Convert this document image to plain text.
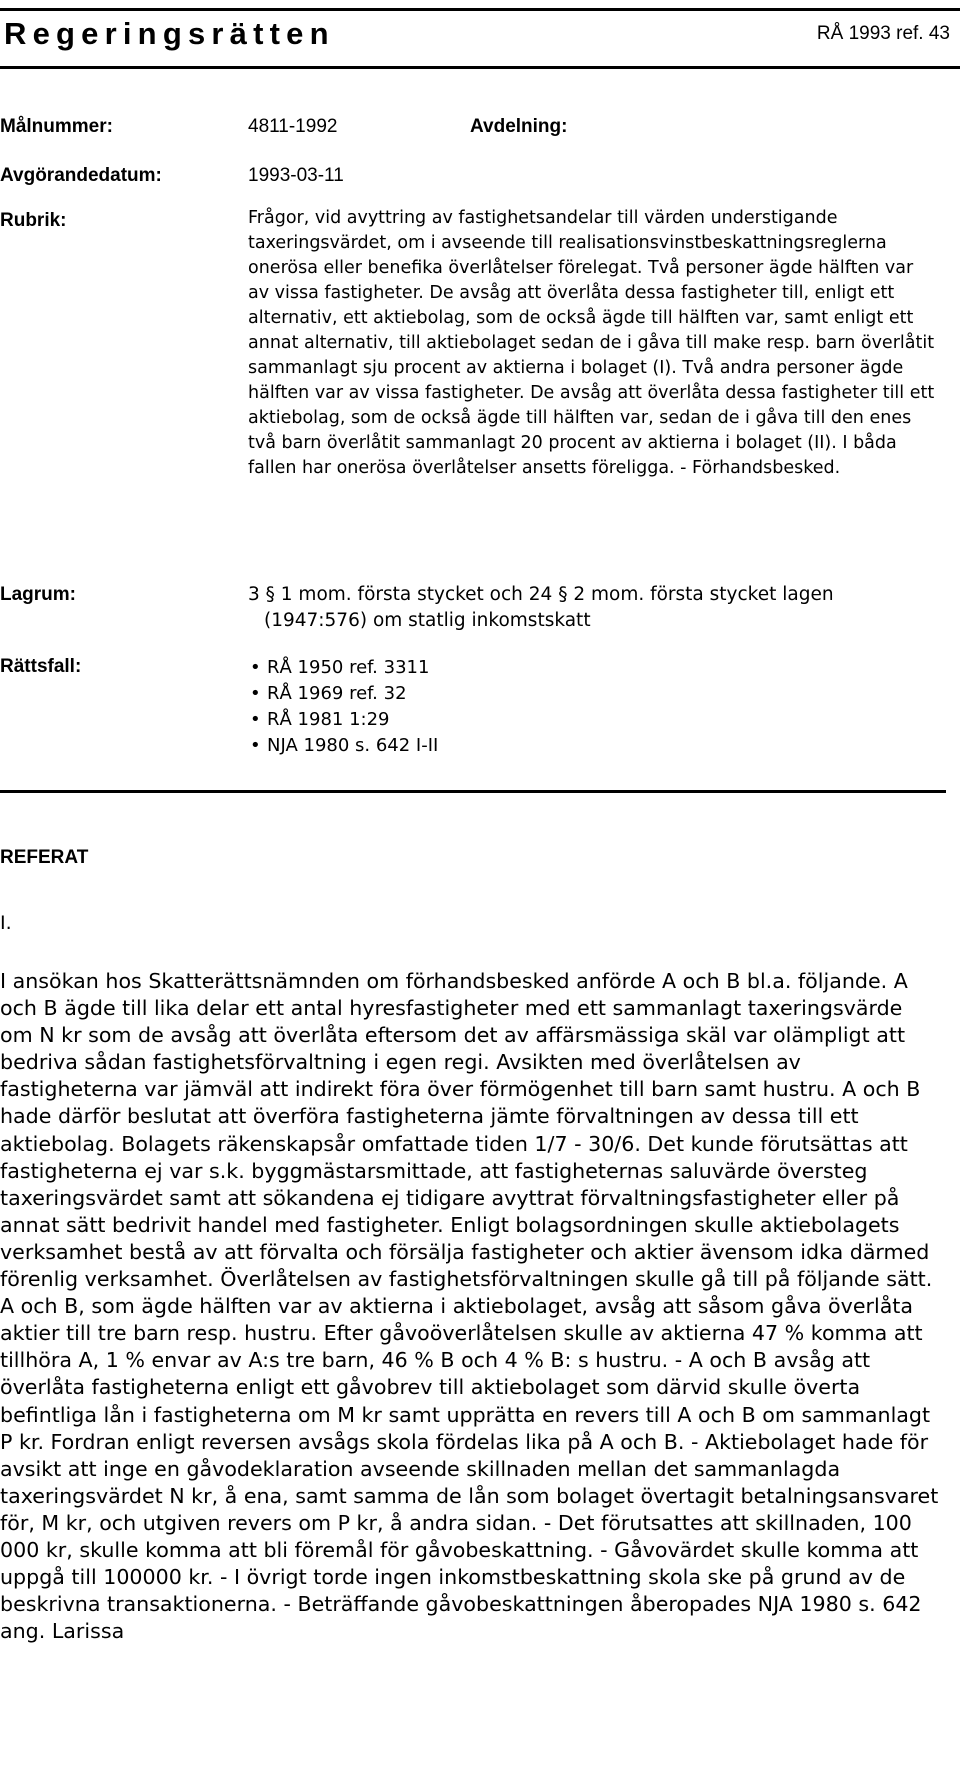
Regeringsrätten	RÅ 1993 ref. 43
Målnummer:	4811-1992	Avdelning:
Avgörandedatum:	1993-03-11
Rubrik:	Frågor, vid avyttring av fastighetsandelar till värden understigande taxeringsvärdet, om i avseende till realisationsvinstbeskattningsreglerna onerösa eller benefika överlåtelser förelegat. Två personer ägde hälften var av vissa fastigheter. De avsåg att överlåta dessa fastigheter till, enligt ett alternativ, ett aktiebolag, som de också ägde till hälften var, samt enligt ett annat alternativ, till aktiebolaget sedan de i gåva till make resp. barn överlåtit sammanlagt sju procent av aktierna i bolaget (I). Två andra personer ägde hälften var av vissa fastigheter. De avsåg att överlåta dessa fastigheter till ett aktiebolag, som de också ägde till hälften var, sedan de i gåva till den enes två barn överlåtit sammanlagt 20 procent av aktierna i bolaget (II). I båda fallen har onerösa överlåtelser ansetts föreligga. - Förhandsbesked.

Lagrum:	3 § 1 mom. första stycket och 24 § 2 mom. första stycket lagen
(1947:576) om statlig inkomstskatt
Rättsfall:
•	RÅ 1950 ref. 3311
• RÅ 1969 ref. 32
• RÅ 1981 1:29
• NJA 1980 s. 642 I-II
REFERAT
I.

I ansökan hos Skatterättsnämnden om förhandsbesked anförde A och B bl.a. följande. A och B ägde till lika delar ett antal hyresfastigheter med ett sammanlagt taxeringsvärde om N kr som de avsåg att överlåta eftersom det av affärsmässiga skäl var olämpligt att bedriva sådan fastighetsförvaltning i egen regi. Avsikten med överlåtelsen av fastigheterna var jämväl att indirekt föra över förmögenhet till barn samt hustru. A och B hade därför beslutat att överföra fastigheterna jämte förvaltningen av dessa till ett aktiebolag. Bolagets räkenskapsår omfattade tiden 1/7 - 30/6. Det kunde förutsättas att fastigheterna ej var s.k. byggmästarsmittade, att fastigheternas saluvärde översteg taxeringsvärdet samt att sökandena ej tidigare avyttrat förvaltningsfastigheter eller på annat sätt bedrivit handel med fastigheter. Enligt bolagsordningen skulle aktiebolagets verksamhet bestå av att förvalta och försälja fastigheter och aktier ävensom idka därmed förenlig verksamhet. Överlåtelsen av fastighetsförvaltningen skulle gå till på följande sätt. A och B, som ägde hälften var av aktierna i aktiebolaget, avsåg att såsom gåva överlåta aktier till tre barn resp. hustru. Efter gåvoöverlåtelsen skulle av aktierna 47 % komma att tillhöra A, 1 % envar av A:s tre barn, 46 % B och 4 % B: s hustru. - A och B avsåg att överlåta fastigheterna enligt ett gåvobrev till aktiebolaget som därvid skulle överta befintliga lån i fastigheterna om M kr samt upprätta en revers till A och B om sammanlagt P kr. Fordran enligt reversen avsågs skola fördelas lika på A och B. - Aktiebolaget hade för avsikt att inge en gåvodeklaration avseende skillnaden mellan det sammanlagda taxeringsvärdet N kr, å ena, samt samma de lån som bolaget övertagit betalningsansvaret för, M kr, och utgiven revers om P kr, å andra sidan. - Det förutsattes att skillnaden, 100 000 kr, skulle komma att bli föremål för gåvobeskattning. - Gåvovärdet skulle komma att uppgå till 100000 kr. - I övrigt torde ingen inkomstbeskattning skola ske på grund av de beskrivna transaktionerna. - Beträffande gåvobeskattningen åberopades NJA 1980 s. 642 ang. Larissa
